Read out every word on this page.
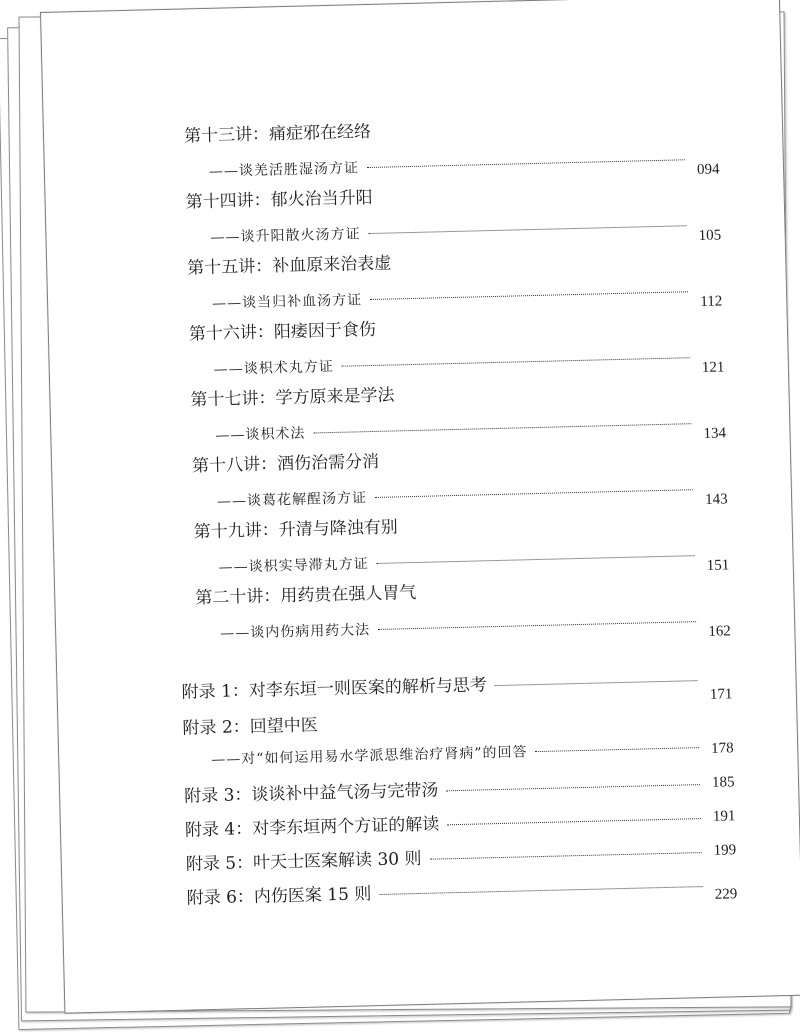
第十三讲：痛症邪在经络
——谈羌活胜湿汤方证	094
第十四讲：郁火治当升阳
——谈升阳散火汤方证	105
第十五讲：补血原来治表虚
——谈当归补血汤方证	112
第十六讲：阳痿因于食伤
——谈枳术丸方证	121
第十七讲：学方原来是学法
——谈枳术法	134
第十八讲：酒伤治需分消
——谈葛花解酲汤方证	143
第十九讲：升清与降浊有别
——谈枳实导滞丸方证	151
第二十讲：用药贵在强人胃气
——谈内伤病用药大法	162
附录 1：对李东垣一则医案的解析与思考	171
附录 2：回望中医
——对“如何运用易水学派思维治疗肾病”的回答	178
附录 3：谈谈补中益气汤与完带汤	185
附录 4：对李东垣两个方证的解读	191
附录 5：叶天士医案解读 30 则	199
附录 6：内伤医案 15 则	229
